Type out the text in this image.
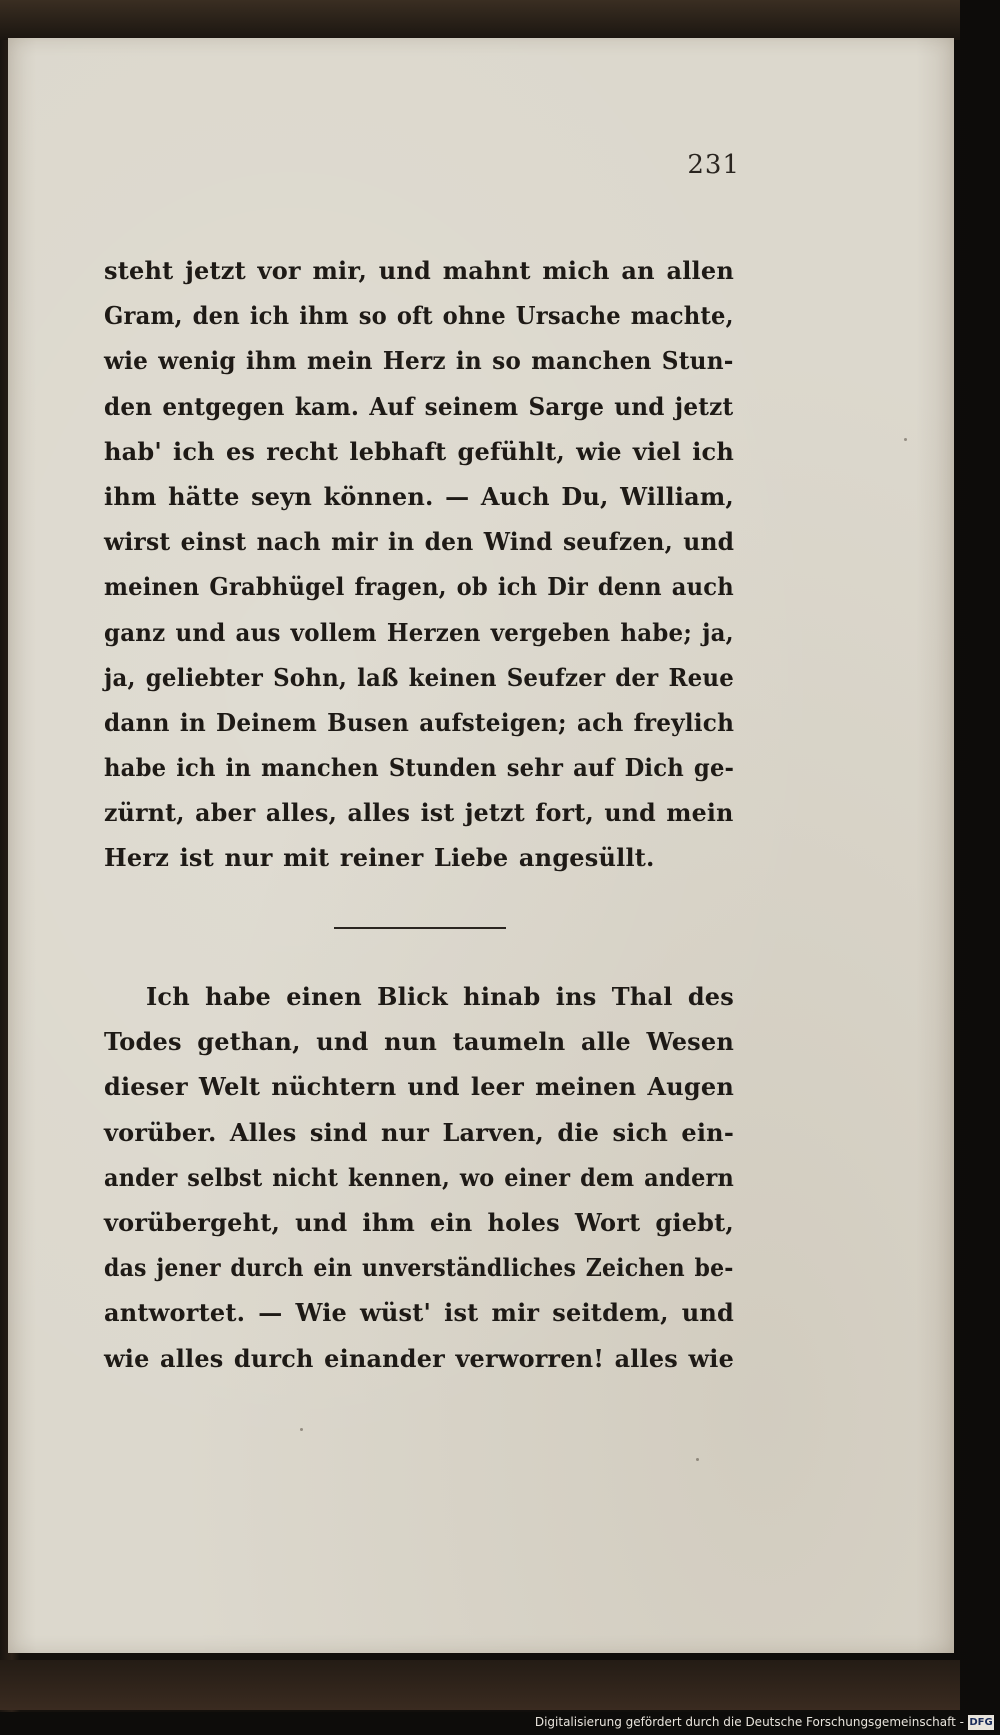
231
steht jetzt vor mir, und mahnt mich an allen
Gram, den ich ihm so oft ohne Ursache machte,
wie wenig ihm mein Herz in so manchen Stun-
den entgegen kam. Auf seinem Sarge und jetzt
hab' ich es recht lebhaft gefühlt, wie viel ich
ihm hätte seyn können. — Auch Du, William,
wirst einst nach mir in den Wind seufzen, und
meinen Grabhügel fragen, ob ich Dir denn auch
ganz und aus vollem Herzen vergeben habe; ja,
ja, geliebter Sohn, laß keinen Seufzer der Reue
dann in Deinem Busen aufsteigen; ach freylich
habe ich in manchen Stunden sehr auf Dich ge-
zürnt, aber alles, alles ist jetzt fort, und mein
Herz ist nur mit reiner Liebe angesüllt.
Ich habe einen Blick hinab ins Thal des
Todes gethan, und nun taumeln alle Wesen
dieser Welt nüchtern und leer meinen Augen
vorüber. Alles sind nur Larven, die sich ein-
ander selbst nicht kennen, wo einer dem andern
vorübergeht, und ihm ein holes Wort giebt,
das jener durch ein unverständliches Zeichen be-
antwortet. — Wie wüst' ist mir seitdem, und
wie alles durch einander verworren! alles wie
Digitalisierung gefördert durch die Deutsche Forschungsgemeinschaft - DFG
